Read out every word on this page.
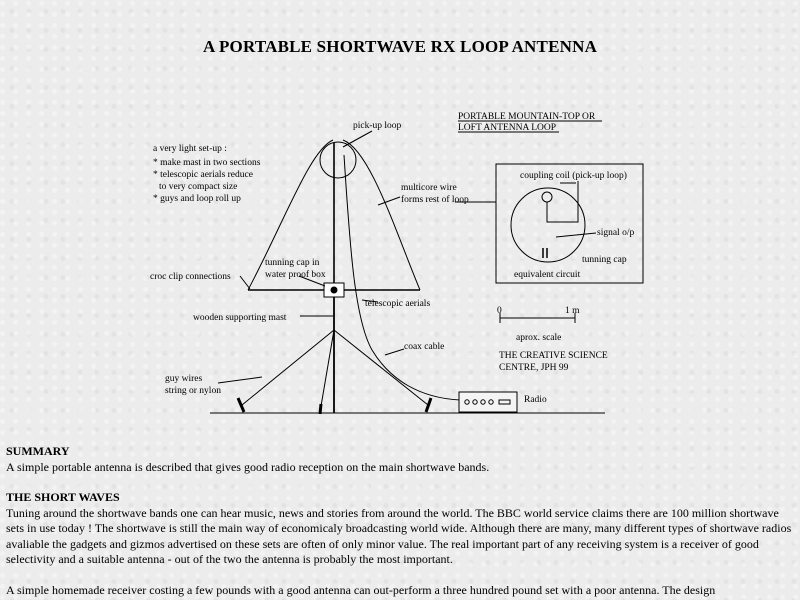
A PORTABLE SHORTWAVE RX LOOP ANTENNA
pick-up loop
a very light set-up :
* make mast in two sections
* telescopic aerials reduce
to very compact size
* guys and loop roll up
multicore wire
forms rest of loop
tunning cap in
water proof box
croc clip connections
telescopic aerials
wooden supporting mast
coax cable
guy wires
string or nylon
Radio
PORTABLE MOUNTAIN-TOP OR
LOFT ANTENNA LOOP
coupling coil (pick-up loop)
signal o/p
tunning cap
equivalent circuit
0	1 m
aprox. scale
THE CREATIVE SCIENCE
CENTRE, JPH 99
SUMMARY

A simple portable antenna is described that gives good radio reception on the main shortwave bands.

THE SHORT WAVES

Tuning around the shortwave bands one can hear music, news and stories from around the world. The BBC world service claims there are 100 million shortwave sets in use today ! The shortwave is still the main way of economicaly broadcasting world wide. Although there are many, many different types of shortwave radios avaliable the gadgets and gizmos advertised on these sets are often of only minor value. The real important part of any receiving system is a receiver of good selectivity and a suitable antenna - out of the two the antenna is probably the most important.

A simple homemade receiver costing a few pounds with a good antenna can out-perform a three hundred pound set with a poor antenna. The design
